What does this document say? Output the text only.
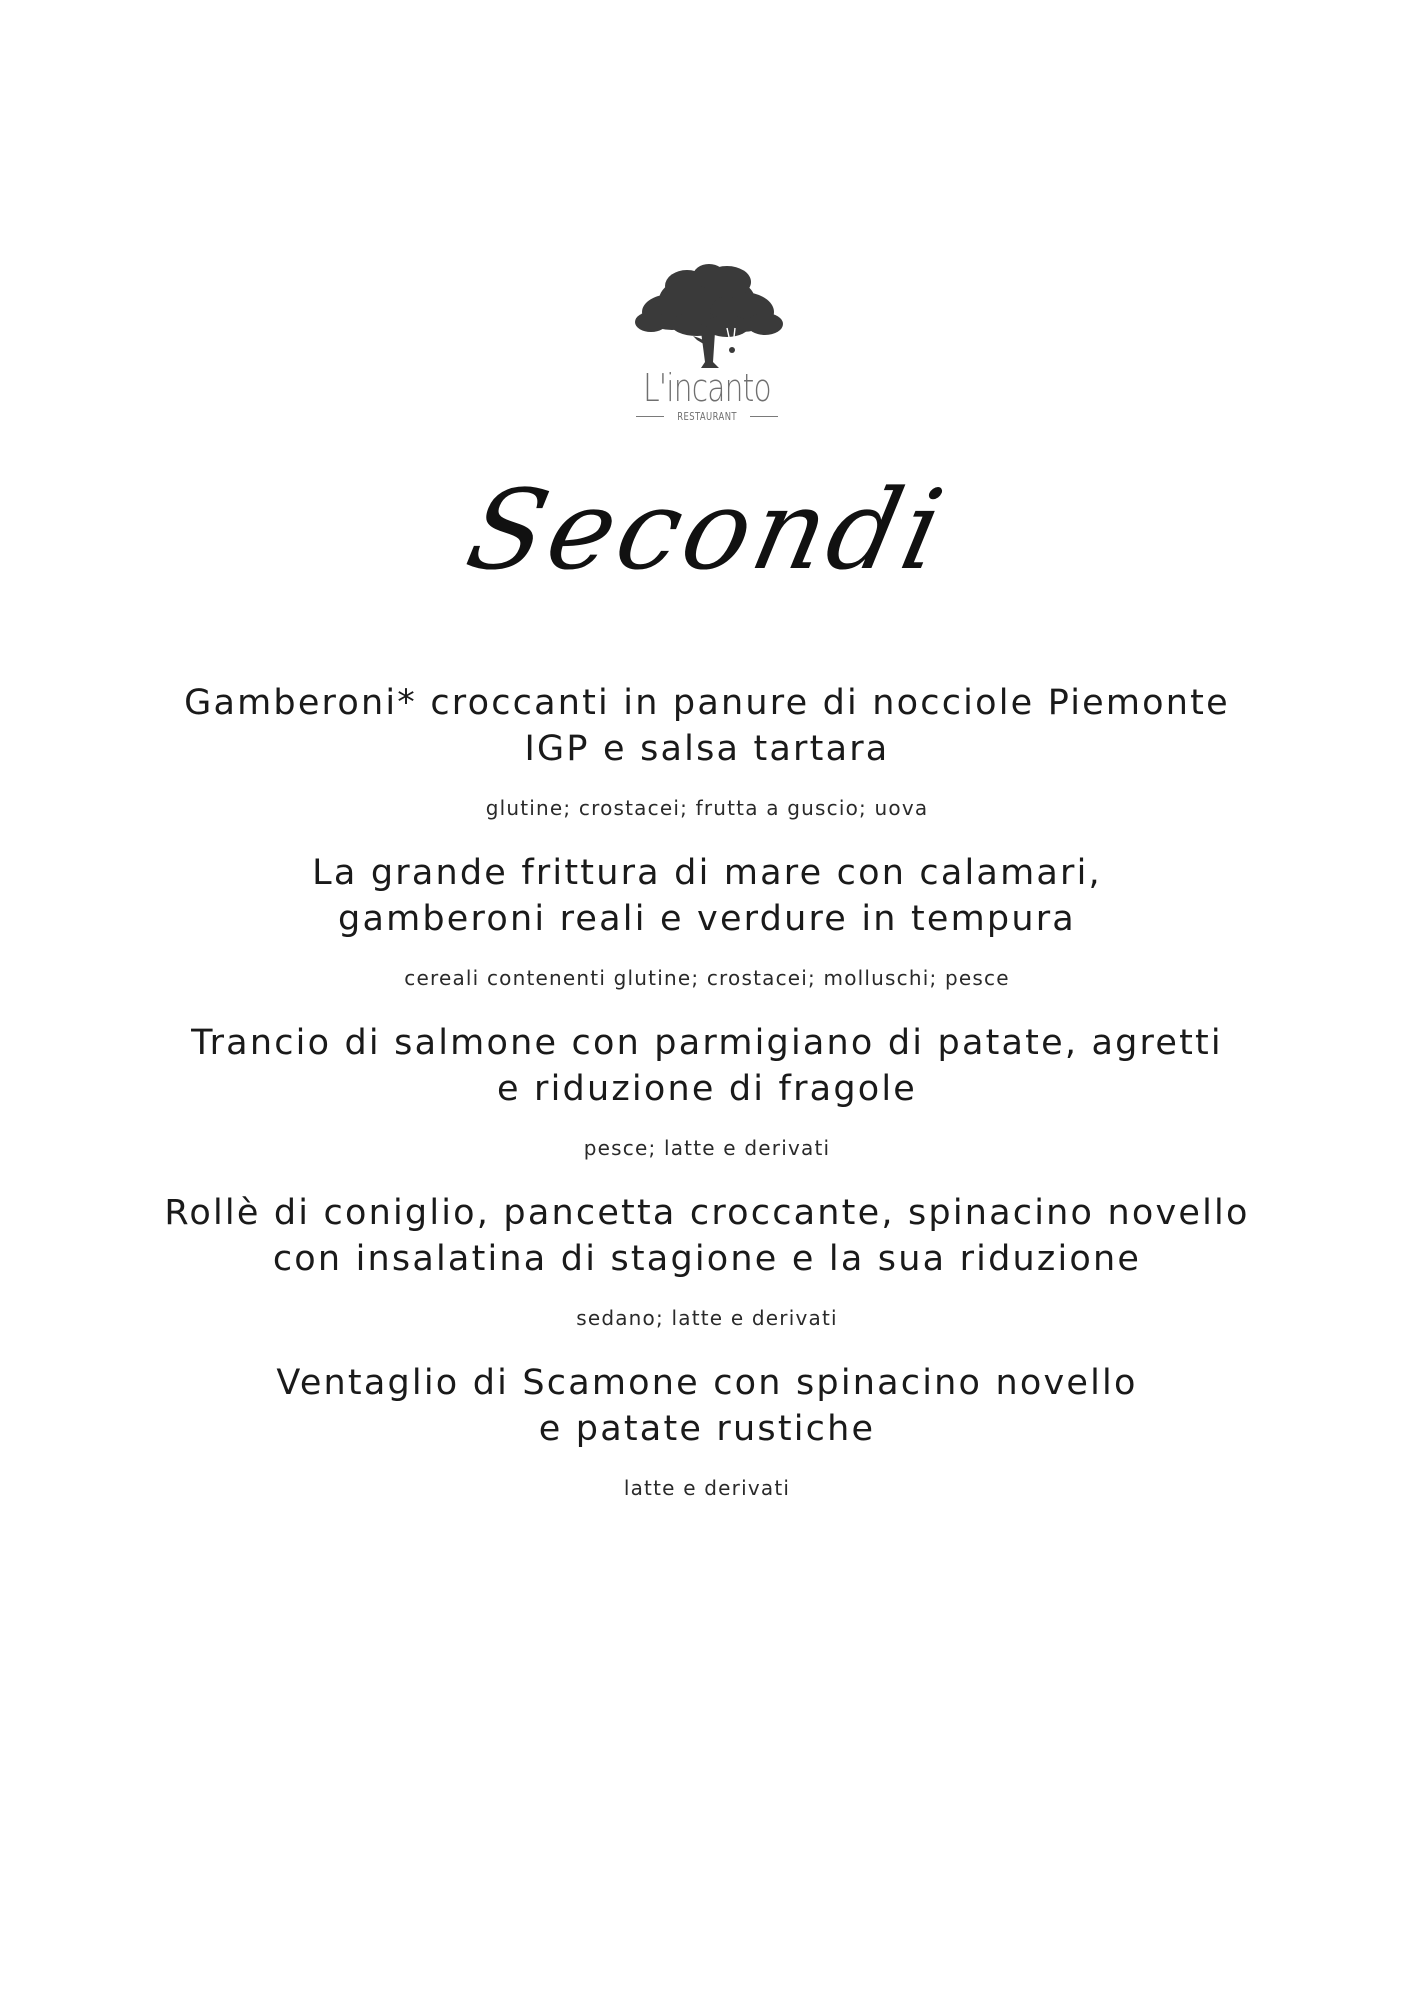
L'incanto
RESTAURANT
Secondi
Gamberoni* croccanti in panure di nocciole Piemonte
IGP e salsa tartara
glutine; crostacei; frutta a guscio; uova
La grande frittura di mare con calamari,
gamberoni reali e verdure in tempura
cereali contenenti glutine; crostacei; molluschi; pesce
Trancio di salmone con parmigiano di patate, agretti
e riduzione di fragole
pesce; latte e derivati
Rollè di coniglio, pancetta croccante, spinacino novello
con insalatina di stagione e la sua riduzione
sedano; latte e derivati
Ventaglio di Scamone con spinacino novello
e patate rustiche
latte e derivati
